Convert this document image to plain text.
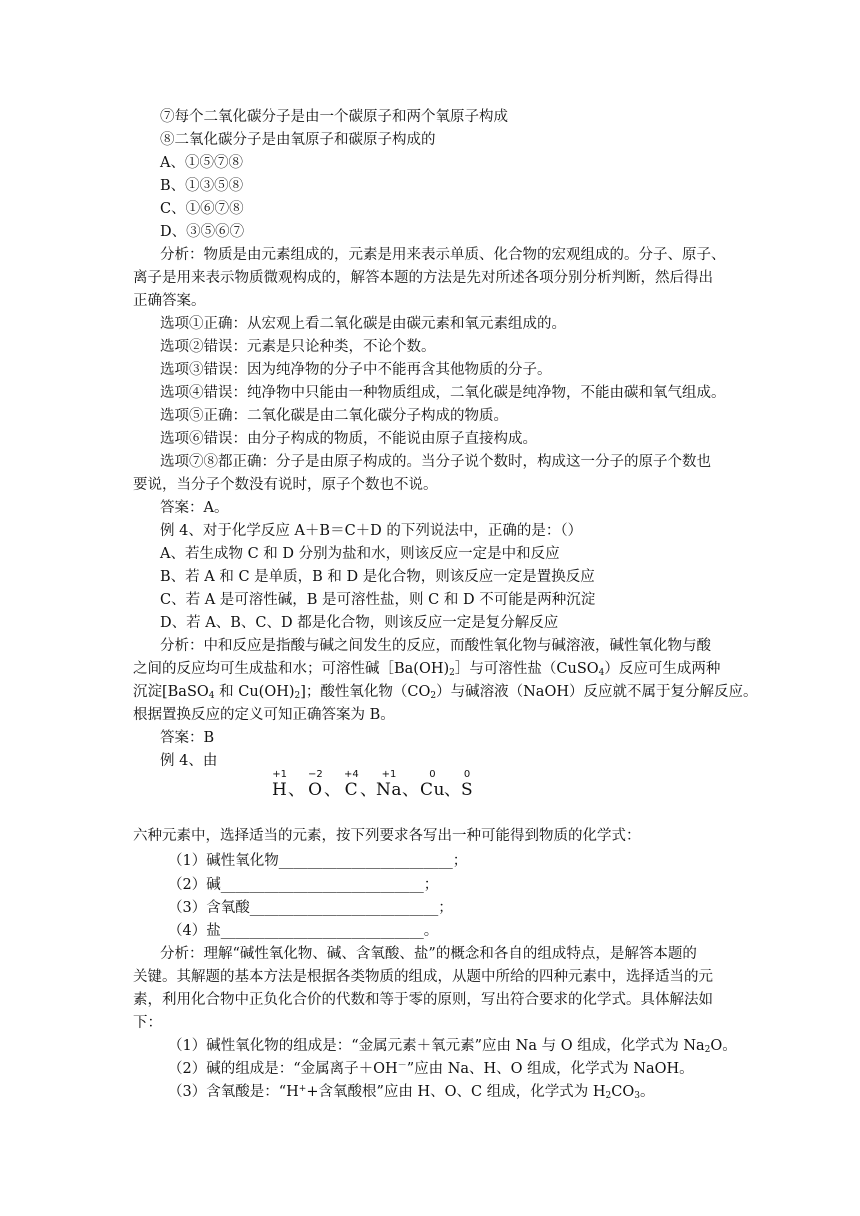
⑦每个二氧化碳分子是由一个碳原子和两个氧原子构成
⑧二氧化碳分子是由氧原子和碳原子构成的
A、①⑤⑦⑧
B、①③⑤⑧
C、①⑥⑦⑧
D、③⑤⑥⑦
分析：物质是由元素组成的，元素是用来表示单质、化合物的宏观组成的。分子、原子、
离子是用来表示物质微观构成的，解答本题的方法是先对所述各项分别分析判断，然后得出
正确答案。
选项①正确：从宏观上看二氧化碳是由碳元素和氧元素组成的。
选项②错误：元素是只论种类，不论个数。
选项③错误：因为纯净物的分子中不能再含其他物质的分子。
选项④错误：纯净物中只能由一种物质组成，二氧化碳是纯净物，不能由碳和氧气组成。
选项⑤正确：二氧化碳是由二氧化碳分子构成的物质。
选项⑥错误：由分子构成的物质，不能说由原子直接构成。
选项⑦⑧都正确：分子是由原子构成的。当分子说个数时，构成这一分子的原子个数也
要说，当分子个数没有说时，原子个数也不说。
答案：A。
例 4、对于化学反应 A＋B＝C＋D 的下列说法中，正确的是：（）
A、若生成物 C 和 D 分别为盐和水，则该反应一定是中和反应
B、若 A 和 C 是单质，B 和 D 是化合物，则该反应一定是置换反应
C、若 A 是可溶性碱，B 是可溶性盐，则 C 和 D 不可能是两种沉淀
D、若 A、B、C、D 都是化合物，则该反应一定是复分解反应
分析：中和反应是指酸与碱之间发生的反应，而酸性氧化物与碱溶液，碱性氧化物与酸
之间的反应均可生成盐和水；可溶性碱$[Ba(OH)_2]$与可溶性盐（CuSO$_4$）反应可生成两种
沉淀[BaSO$_4$ 和 $Cu(OH)_2$]；酸性氧化物$(CO_2)$与碱溶液（NaOH）反应就不属于复分解反应。
根据置换反应的定义可知正确答案为 B。
答案：B
例 4、由
+1
H 、
−2
O 、
+4
C 、
+1
Na 、
0
Cu 、
0
S
六种元素中，选择适当的元素，按下列要求各写出一种可能得到物质的化学式：
（1）碱性氧化物________________________；
（2）碱____________________________；
（3）含氧酸__________________________；
（4）盐____________________________。
分析：理解“碱性氧化物、碱、含氧酸、盐”的概念和各自的组成特点，是解答本题的
关键。其解题的基本方法是根据各类物质的组成，从题中所给的四种元素中，选择适当的元
素，利用化合物中正负化合价的代数和等于零的原则，写出符合要求的化学式。具体解法如
下：
（1）碱性氧化物的组成是：“金属元素＋氧元素”应由 Na 与 O 组成，化学式为 $Na_2O$。
（2）碱的组成是：“金属离子＋OH－”应由 Na、H、O 组成，化学式为 NaOH。
（3）含氧酸是：“H++含氧酸根”应由 H、O、C 组成，化学式为 $H_2CO_3$。
